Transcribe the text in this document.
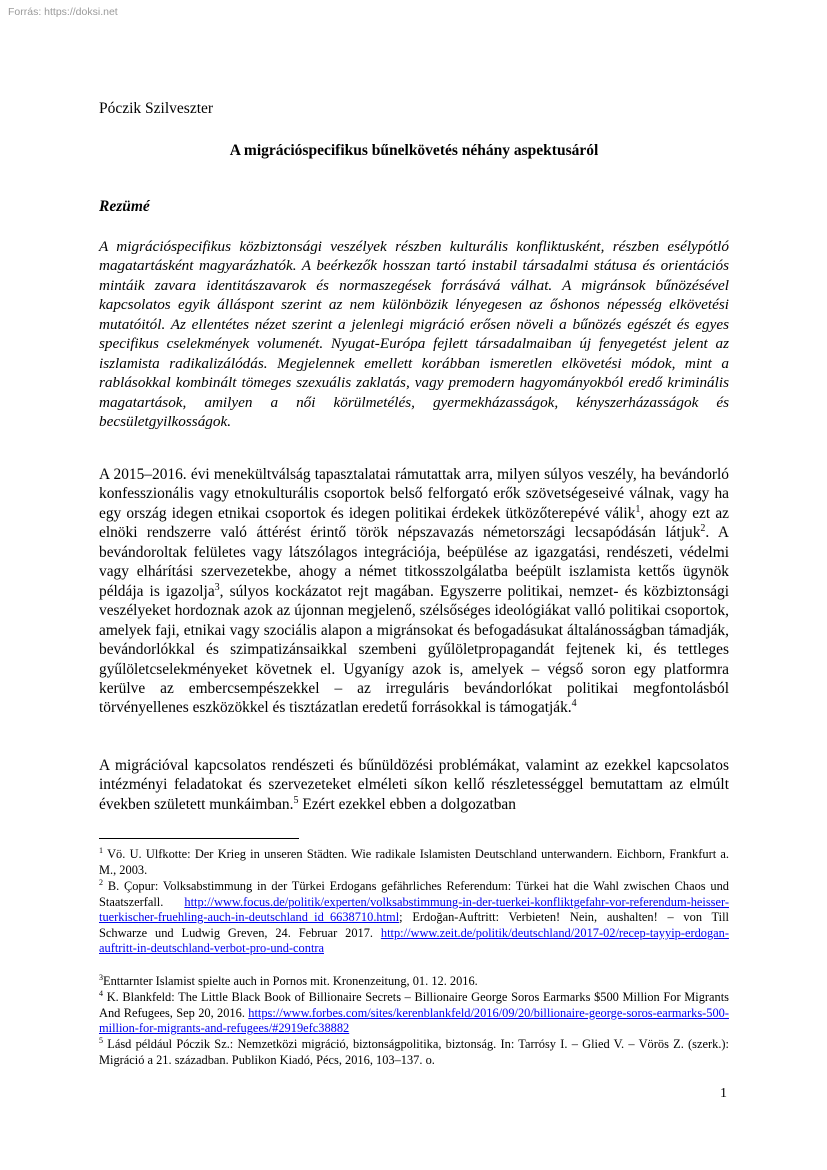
Forrás: https://doksi.net
Póczik Szilveszter
A migrációspecifikus bűnelkövetés néhány aspektusáról
Rezümé

A migrációspecifikus közbiztonsági veszélyek részben kulturális konfliktusként, részben esélypótló magatartásként magyarázhatók. A beérkezők hosszan tartó instabil társadalmi státusa és orientációs mintáik zavara identitászavarok és normaszegések forrásává válhat. A migránsok bűnözésével kapcsolatos egyik álláspont szerint az nem különbözik lényegesen az őshonos népesség elkövetési mutatóitól. Az ellentétes nézet szerint a jelenlegi migráció erősen növeli a bűnözés egészét és egyes specifikus cselekmények volumenét. Nyugat-Európa fejlett társadalmaiban új fenyegetést jelent az iszlamista radikalizálódás. Megjelennek emellett korábban ismeretlen elkövetési módok, mint a rablásokkal kombinált tömeges szexuális zaklatás, vagy premodern hagyományokból eredő kriminális magatartások, amilyen a női körülmetélés, gyermekházasságok, kényszerházasságok és becsületgyilkosságok.

A 2015–2016. évi menekültválság tapasztalatai rámutattak arra, milyen súlyos veszély, ha bevándorló konfesszionális vagy etnokulturális csoportok belső felforgató erők szövetségeseivé válnak, vagy ha egy ország idegen etnikai csoportok és idegen politikai érdekek ütközőterepévé válik$^1$, ahogy ezt az elnöki rendszerre való áttérést érintő török népszavazás németországi lecsapódásán látjuk$^2$. A bevándoroltak felületes vagy látszólagos integrációja, beépülése az igazgatási, rendészeti, védelmi vagy elhárítási szervezetekbe, ahogy a német titkosszolgálatba beépült iszlamista kettős ügynök példája is igazolja$^3$, súlyos kockázatot rejt magában. Egyszerre politikai, nemzet- és közbiztonsági veszélyeket hordoznak azok az újonnan megjelenő, szélsőséges ideológiákat valló politikai csoportok, amelyek faji, etnikai vagy szociális alapon a migránsokat és befogadásukat általánosságban támadják, bevándorlókkal és szimpatizánsaikkal szembeni gyűlöletpropagandát fejtenek ki, és tettleges gyűlöletcselekményeket követnek el. Ugyanígy azok is, amelyek – végső soron egy platformra kerülve az embercsempészekkel – az irreguláris bevándorlókat politikai megfontolásból törvényellenes eszközökkel és tisztázatlan eredetű forrásokkal is támogatják.$^4$

A migrációval kapcsolatos rendészeti és bűnüldözési problémákat, valamint az ezekkel kapcsolatos intézményi feladatokat és szervezeteket elméleti síkon kellő részletességgel bemutattam az elmúlt években született munkáimban.$^5$ Ezért ezekkel ebben a dolgozatban

$^1$ Vö. U. Ulfkotte: Der Krieg in unseren Städten. Wie radikale Islamisten Deutschland unterwandern. Eichborn, Frankfurt a. M., 2003.

$^2$ B. Çopur: Volksabstimmung in der Türkei Erdogans gefährliches Referendum: Türkei hat die Wahl zwischen Chaos und Staatszerfall. http://www.focus.de/politik/experten/volksabstimmung-in-der-tuerkei-konfliktgefahr-vor-referendum-heisser-tuerkischer-fruehling-auch-in-deutschland_id_6638710.html; Erdoğan-Auftritt: Verbieten! Nein, aushalten! – von Till Schwarze und Ludwig Greven, 24. Februar 2017. http://www.zeit.de/politik/deutschland/2017-02/recep-tayyip-erdogan-auftritt-in-deutschland-verbot-pro-und-contra

$^3$Enttarnter Islamist spielte auch in Pornos mit. Kronenzeitung, 01. 12. 2016.

$^4$ K. Blankfeld: The Little Black Book of Billionaire Secrets – Billionaire George Soros Earmarks $500 Million For Migrants And Refugees, Sep 20, 2016. https://www.forbes.com/sites/kerenblankfeld/2016/09/20/billionaire-george-soros-earmarks-500-million-for-migrants-and-refugees/#2919efc38882

$^5$ Lásd például Póczik Sz.: Nemzetközi migráció, biztonságpolitika, biztonság. In: Tarrósy I. – Glied V. – Vörös Z. (szerk.): Migráció a 21. században. Publikon Kiadó, Pécs, 2016, 103–137. o.

1
